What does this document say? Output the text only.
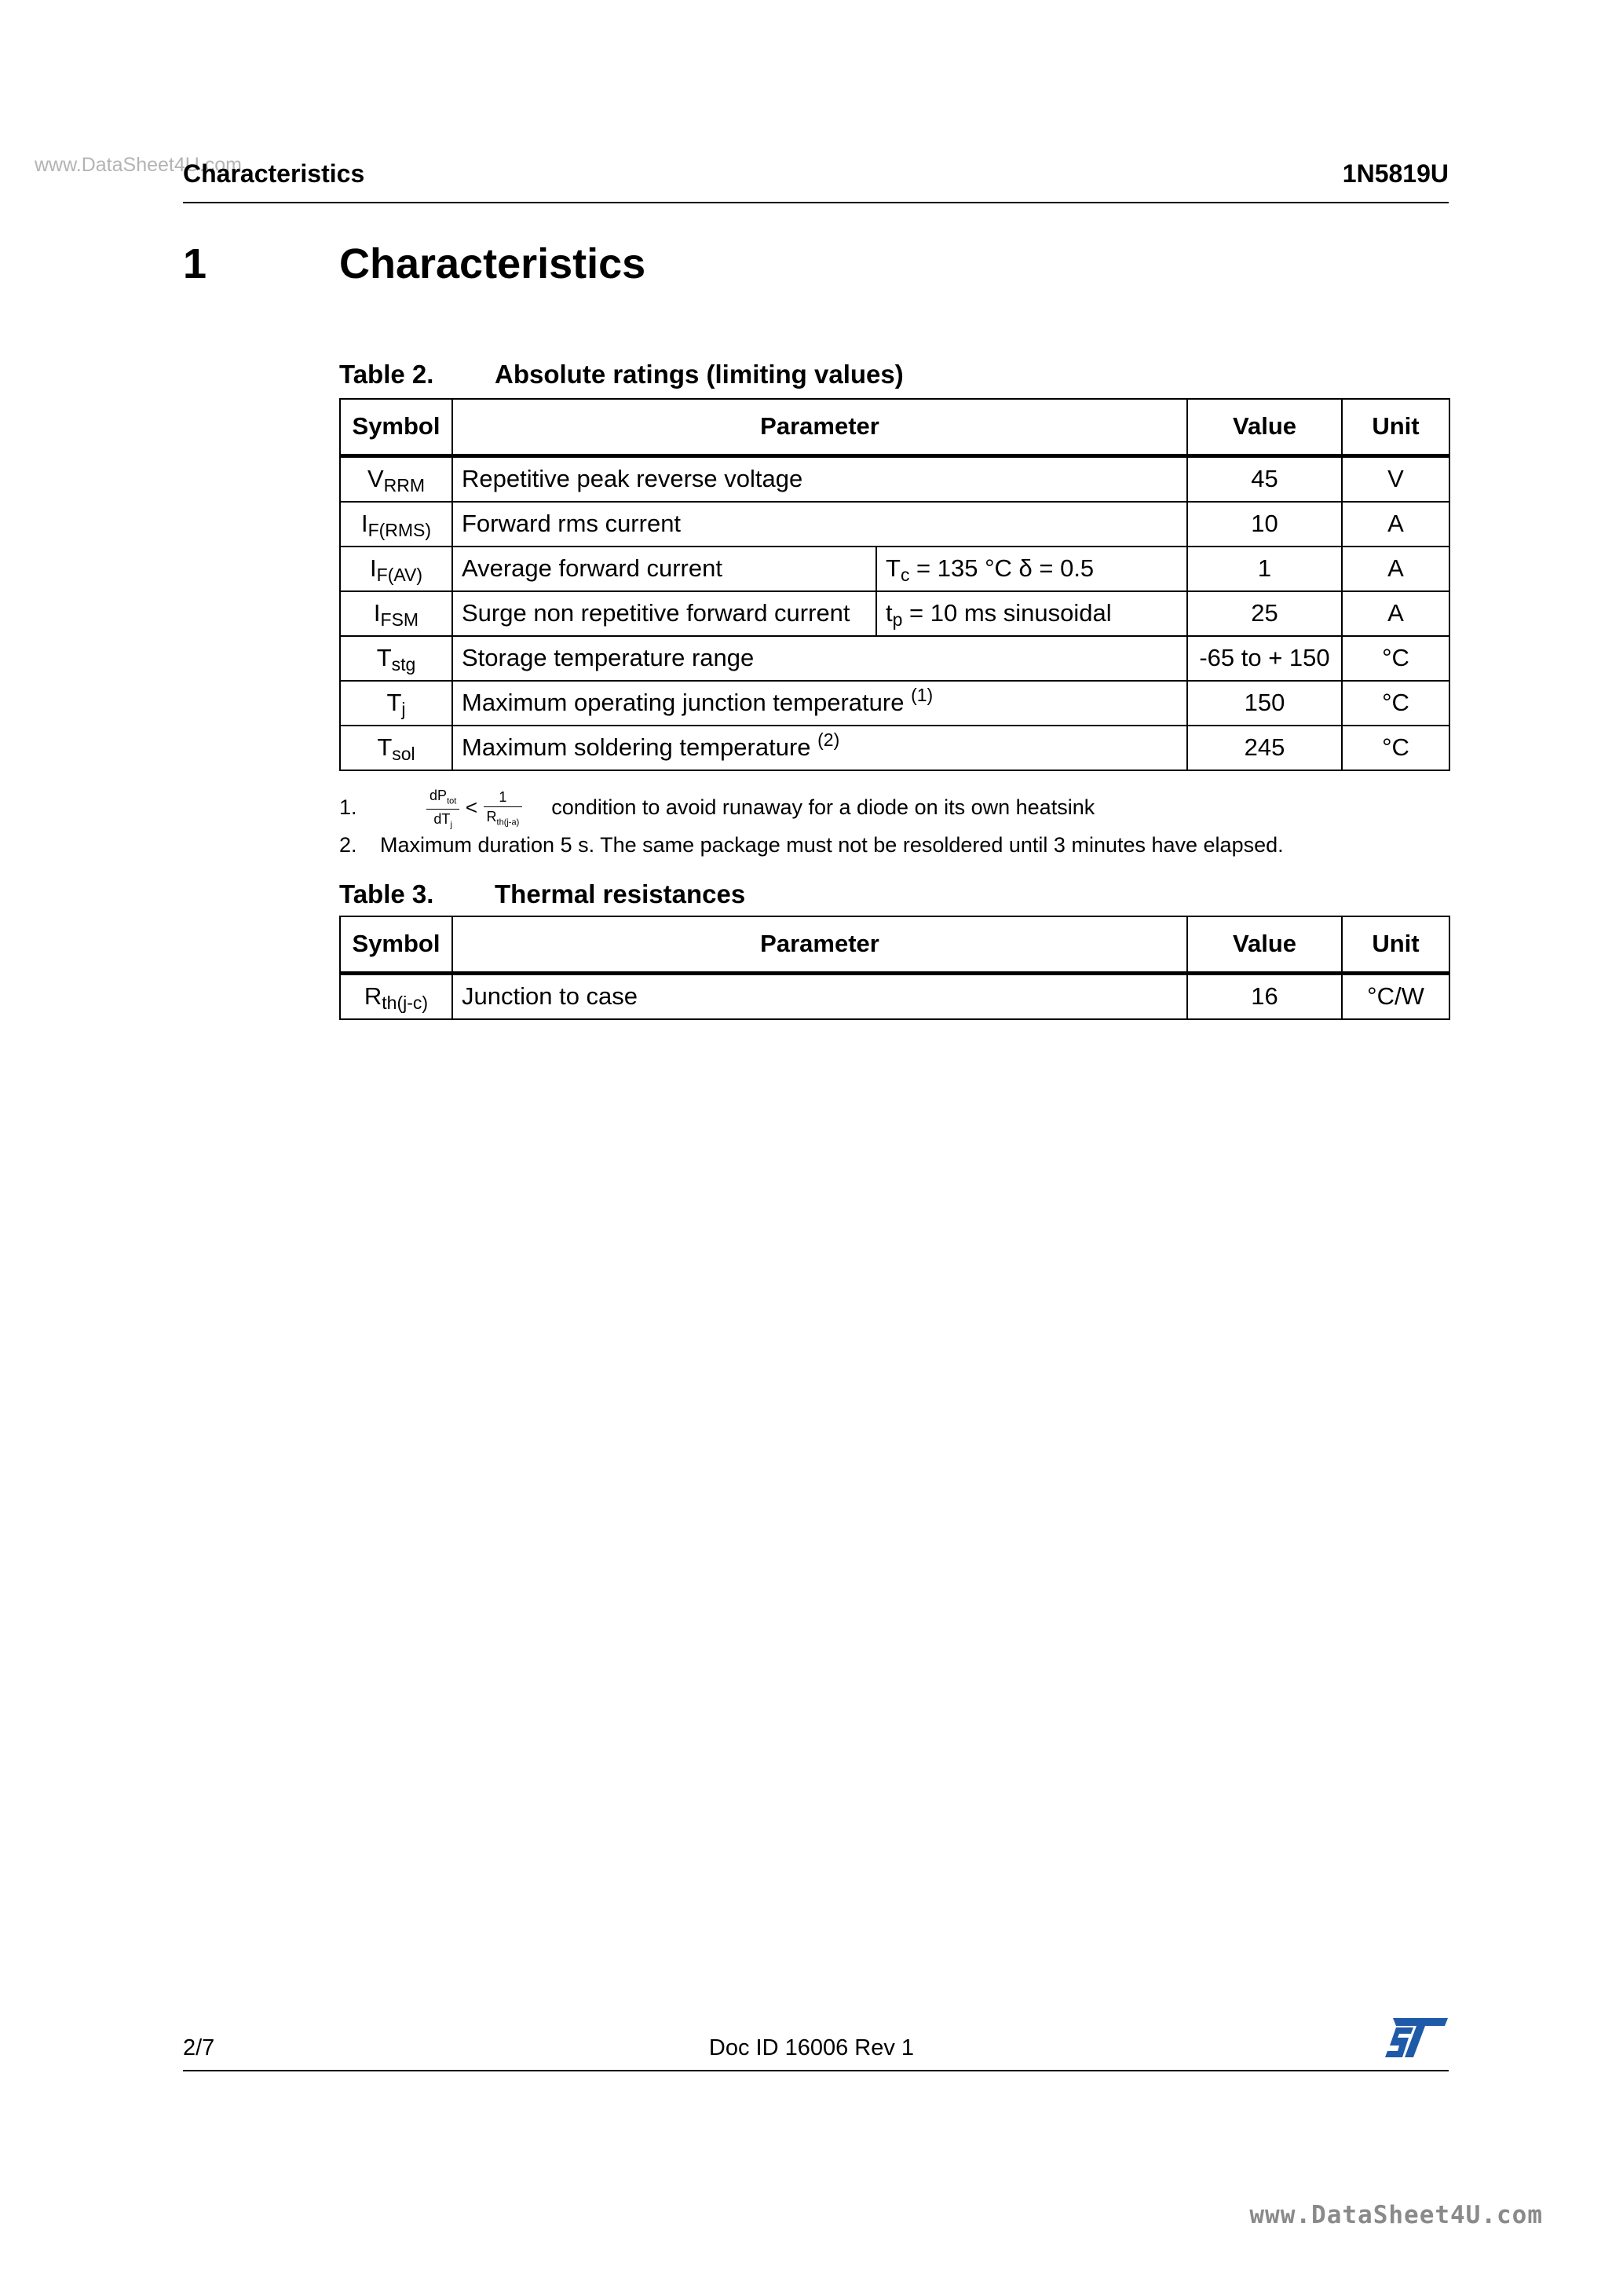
www.DataSheet4U.com
Characteristics	1N5819U
1	Characteristics
Table 2. Absolute ratings (limiting values)
Symbol	Parameter		Value	Unit
$V_{RRM}$	Repetitive peak reverse voltage		45	V
$I_{F(RMS)}$	Forward rms current		10	A
$I_{F(AV)}$	Average forward current	$T_c = 135$ °C δ = 0.5	1	A
$I_{FSM}$	Surge non repetitive forward current	$t_p = 10$ ms sinusoidal	25	A
$T_{stg}$	Storage temperature range		-65 to + 150	°C
$T_j$	Maximum operating junction temperature $^{(1)}$		150	°C
$T_{sol}$	Maximum soldering temperature $^{(2)}$		245	°C
1.	$\frac{dP_{tot}}{dT_j} < \frac{1}{R_{th(j-a)}}$ condition to avoid runaway for a diode on its own heatsink
2. Maximum duration 5 s. The same package must not be resoldered until 3 minutes have elapsed.
Table 3. Thermal resistances
Symbol	Parameter	Value	Unit
$R_{th(j-c)}$	Junction to case	16	°C/W
2/7	Doc ID 16006 Rev 1
www.DataSheet4U.com
